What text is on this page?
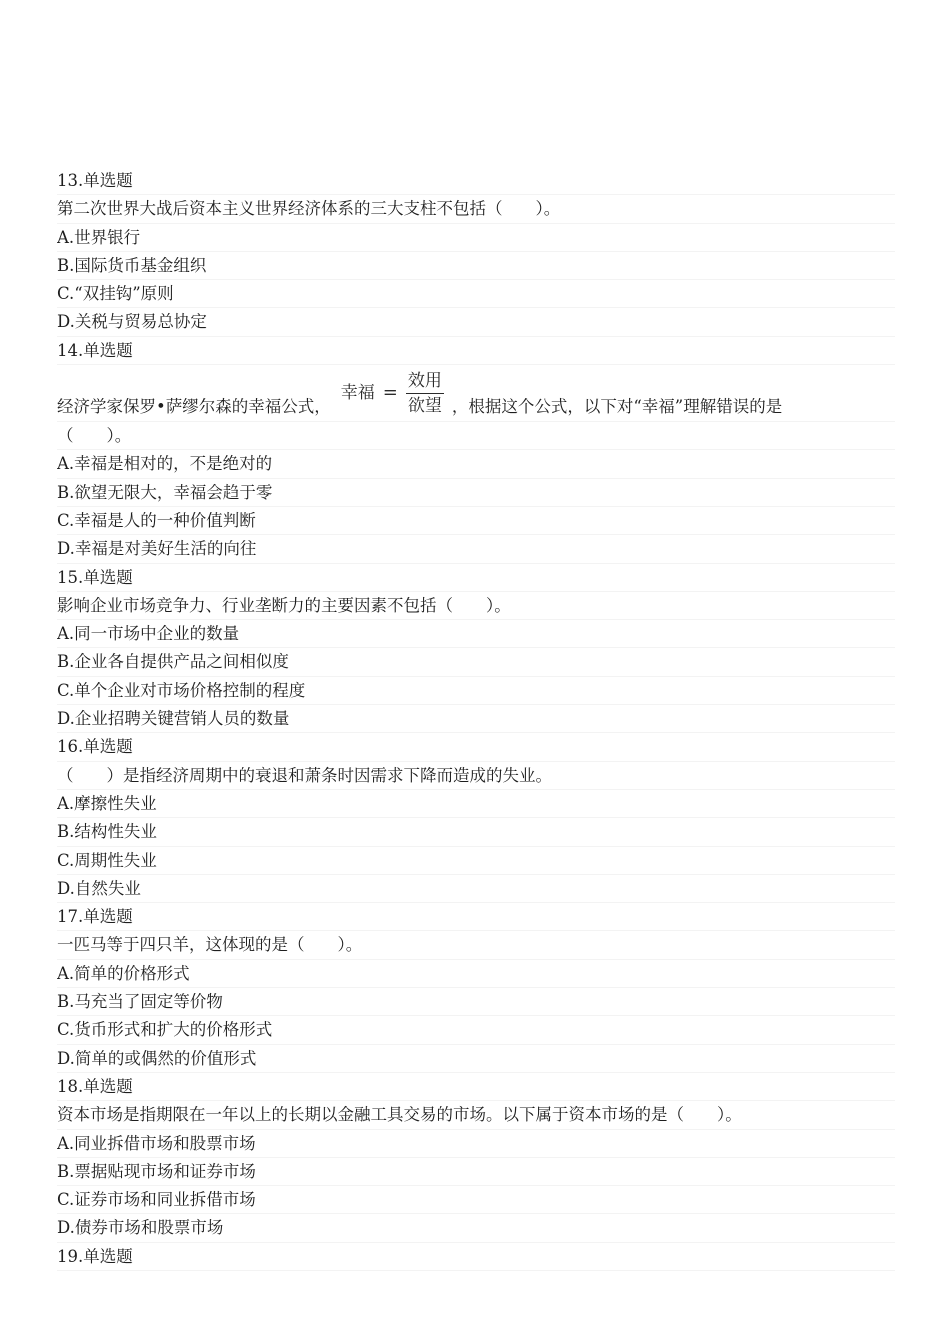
13.单选题
第二次世界大战后资本主义世界经济体系的三大支柱不包括（　　）。
A.世界银行
B.国际货币基金组织
C.“双挂钩”原则
D.关税与贸易总协定
14.单选题
经济学家保罗•萨缪尔森的幸福公式，
幸福 = $\frac{\text{效用}}{\text{欲望}}$ ，根据这个公式，以下对“幸福”理解错误的是
（　　）。
A.幸福是相对的，不是绝对的
B.欲望无限大，幸福会趋于零
C.幸福是人的一种价值判断
D.幸福是对美好生活的向往
15.单选题
影响企业市场竞争力、行业垄断力的主要因素不包括（　　）。
A.同一市场中企业的数量
B.企业各自提供产品之间相似度
C.单个企业对市场价格控制的程度
D.企业招聘关键营销人员的数量
16.单选题
（　　）是指经济周期中的衰退和萧条时因需求下降而造成的失业。
A.摩擦性失业
B.结构性失业
C.周期性失业
D.自然失业
17.单选题
一匹马等于四只羊，这体现的是（　　）。
A.简单的价格形式
B.马充当了固定等价物
C.货币形式和扩大的价格形式
D.简单的或偶然的价值形式
18.单选题
资本市场是指期限在一年以上的长期以金融工具交易的市场。以下属于资本市场的是（　　）。
A.同业拆借市场和股票市场
B.票据贴现市场和证券市场
C.证券市场和同业拆借市场
D.债券市场和股票市场
19.单选题
